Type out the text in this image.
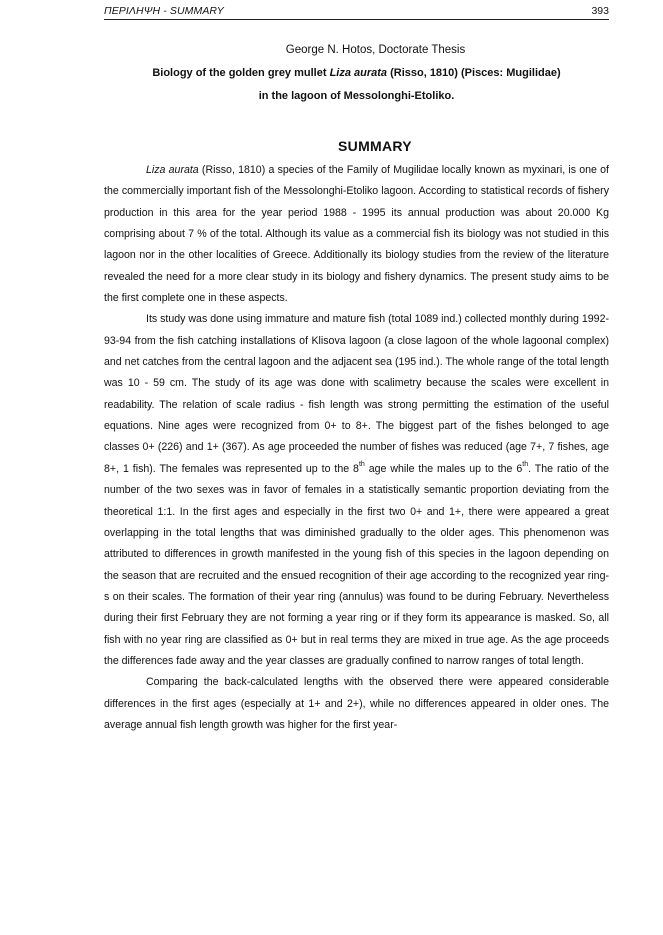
ΠΕΡΙΛΗΨΗ - SUMMARY	393
George N. Hotos, Doctorate Thesis
Biology of the golden grey mullet Liza aurata (Risso, 1810) (Pisces: Mugilidae)
in the lagoon of Messolonghi-Etoliko.
SUMMARY

Liza aurata (Risso, 1810) a species of the Family of Mugilidae locally known as myxinari, is one of the commercially important fish of the Messolonghi-Etoliko lagoon. According to statistical records of fishery production in this area for the year period 1988 - 1995 its annual production was about 20.000 Kg comprising about 7 % of the total. Although its value as a commercial fish its biology was not studied in this lagoon nor in the other localities of Greece. Additionally its biology studies from the review of the literature revealed the need for a more clear study in its biology and fishery dynamics. The present study aims to be the first complete one in these aspects.

Its study was done using immature and mature fish (total 1089 ind.) collected monthly during 1992-93-94 from the fish catching installations of Klisova lagoon (a close lagoon of the whole lagoonal complex) and net catches from the central lagoon and the adjacent sea (195 ind.). The whole range of the total length was 10 - 59 cm. The study of its age was done with scalimetry because the scales were excellent in readability. The relation of scale radius - fish length was strong permitting the estimation of the useful equations. Nine ages were recognized from 0+ to 8+. The biggest part of the fishes belonged to age classes 0+ (226) and 1+ (367). As age proceeded the number of fishes was reduced (age 7+, 7 fishes, age 8+, 1 fish). The females was represented up to the 8th age while the males up to the 6th. The ratio of the number of the two sexes was in favor of females in a statistically semantic proportion deviating from the theoretical 1:1. In the first ages and especially in the first two 0+ and 1+, there were appeared a great overlapping in the total lengths that was diminished gradually to the older ages. This phenomenon was attributed to differences in growth manifested in the young fish of this species in the lagoon depending on the season that are recruited and the ensued recognition of their age according to the recognized year ring-s on their scales. The formation of their year ring (annulus) was found to be during February. Nevertheless during their first February they are not forming a year ring or if they form its appearance is masked. So, all fish with no year ring are classified as 0+ but in real terms they are mixed in true age. As the age proceeds the differences fade away and the year classes are gradually confined to narrow ranges of total length.

Comparing the back-calculated lengths with the observed there were appeared considerable differences in the first ages (especially at 1+ and 2+), while no differences appeared in older ones. The average annual fish length growth was higher for the first year-
